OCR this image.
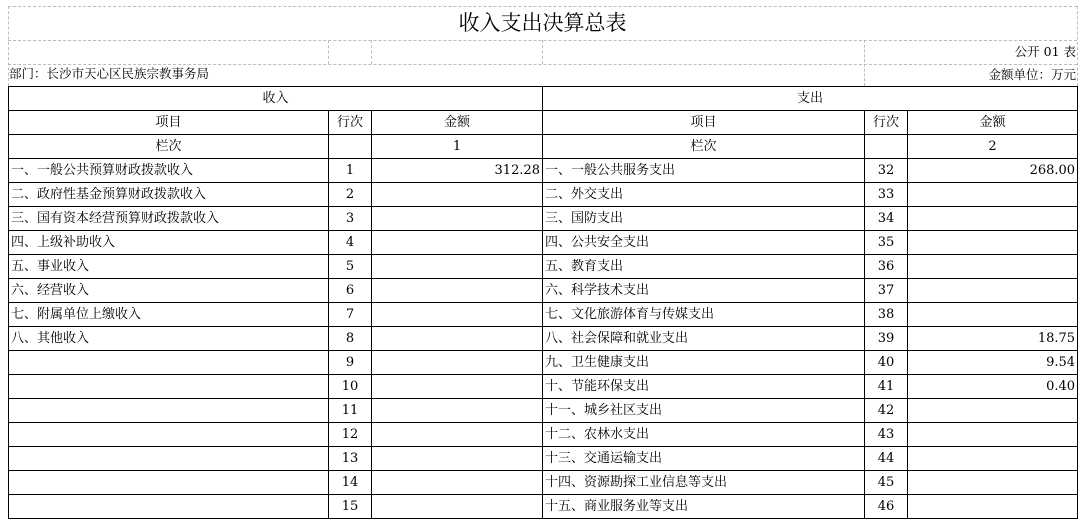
收入支出决算总表
公开 01 表
部门：长沙市天心区民族宗教事务局	金额单位：万元
收入			支出		
项目	行次	金额	项目	行次	金额
栏次		1	栏次		2
一、一般公共预算财政拨款收入	1	312.28	一、一般公共服务支出	32	268.00
二、政府性基金预算财政拨款收入	2		二、外交支出	33	
三、国有资本经营预算财政拨款收入	3		三、国防支出	34	
四、上级补助收入	4		四、公共安全支出	35	
五、事业收入	5		五、教育支出	36	
六、经营收入	6		六、科学技术支出	37	
七、附属单位上缴收入	7		七、文化旅游体育与传媒支出	38	
八、其他收入	8		八、社会保障和就业支出	39	18.75
	9		九、卫生健康支出	40	9.54
	10		十、节能环保支出	41	0.40
	11		十一、城乡社区支出	42	
	12		十二、农林水支出	43	
	13		十三、交通运输支出	44	
	14		十四、资源勘探工业信息等支出	45	
	15		十五、商业服务业等支出	46	
